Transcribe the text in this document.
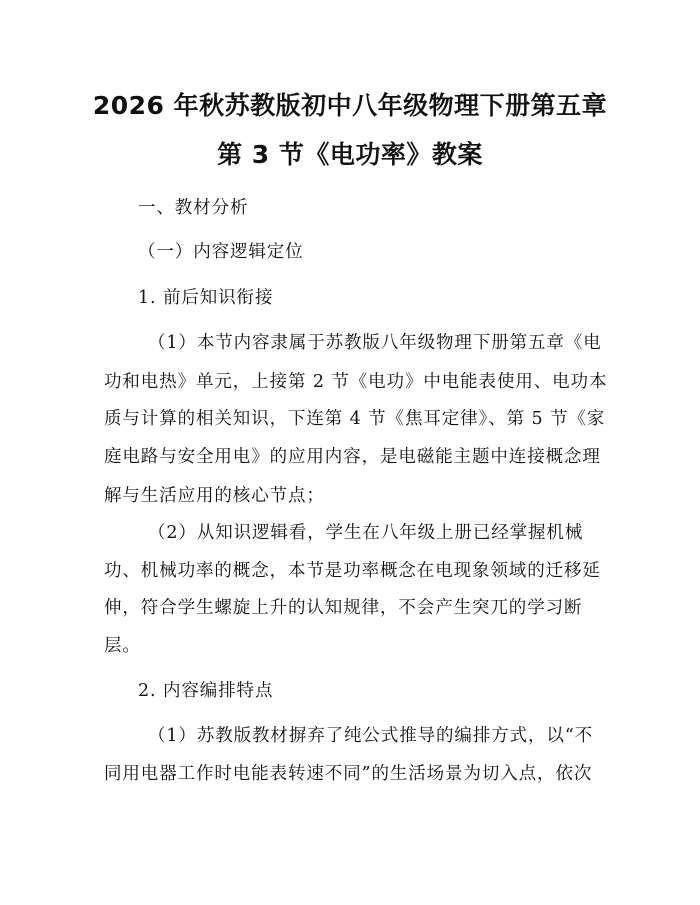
2026 年秋苏教版初中八年级物理下册第五章
第 3 节《电功率》教案
一、教材分析
（一）内容逻辑定位
1. 前后知识衔接
（1）本节内容隶属于苏教版八年级物理下册第五章《电
功和电热》单元，上接第 2 节《电功》中电能表使用、电功本
质与计算的相关知识，下连第 4 节《焦耳定律》、第 5 节《家
庭电路与安全用电》的应用内容，是电磁能主题中连接概念理
解与生活应用的核心节点；
（2）从知识逻辑看，学生在八年级上册已经掌握机械
功、机械功率的概念，本节是功率概念在电现象领域的迁移延
伸，符合学生螺旋上升的认知规律，不会产生突兀的学习断
层。
2. 内容编排特点
（1）苏教版教材摒弃了纯公式推导的编排方式，以“不
同用电器工作时电能表转速不同”的生活场景为切入点，依次
